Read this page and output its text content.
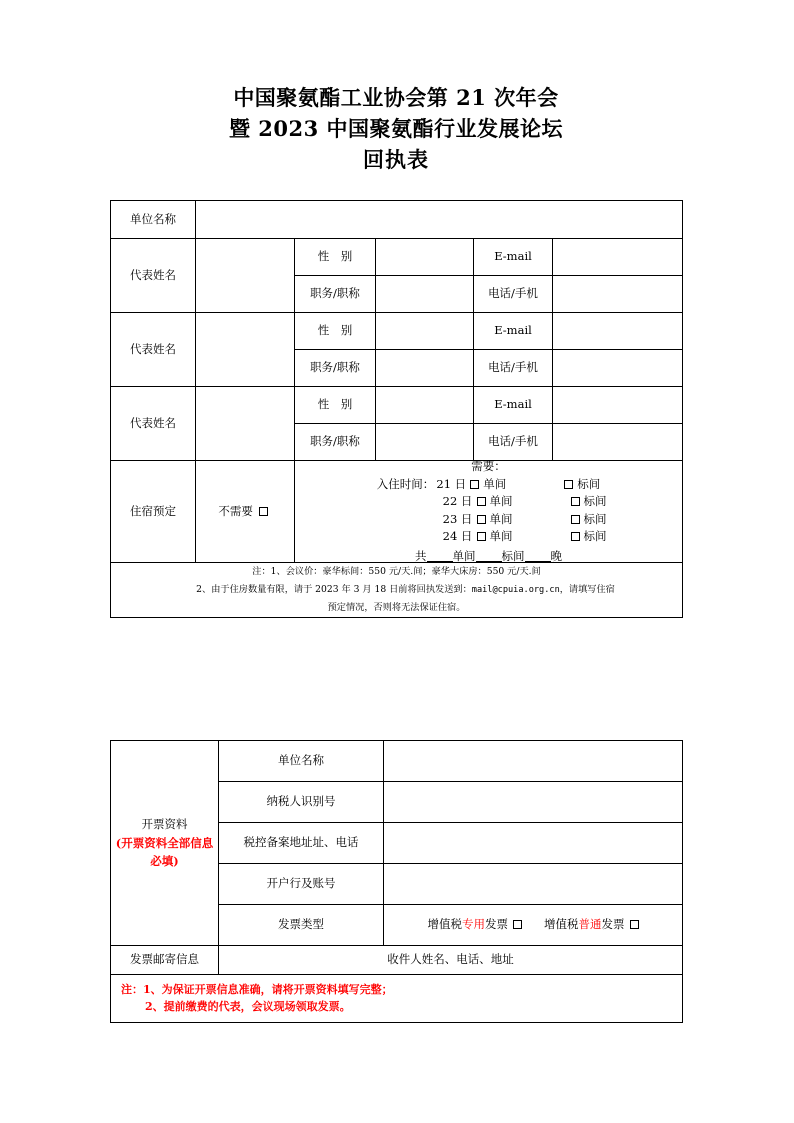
中国聚氨酯工业协会第 21 次年会
暨 2023 中国聚氨酯行业发展论坛
回执表
单位名称					
代表姓名		性　别		E-mail	
		职务/职称		电话/手机	
代表姓名		性　别		E-mail	
		职务/职称		电话/手机	
代表姓名		性　别		E-mail	
		职务/职称		电话/手机	
住宿预定	不需要	

需要：

入住时间： 21 日 单间	标间

22 日 单间	标间

23 日 单间	标间

24 日 单间	标间

共 单间 标间 晚

注：1、会议价：豪华标间：550 元/天.间；豪华大床房：550 元/天.间

2、由于住房数量有限，请于 2023 年 3 月 18 日前将回执发送到：mail@cpuia.org.cn，请填写住宿

预定情况，否则将无法保证住宿。					

开票资料
(开票资料全部信息必填)	单位名称	
	纳税人识别号	
	税控备案地址址、电话	
	开户行及账号	
	发票类型	增值税专用发票 增值税普通发票
发票邮寄信息	收件人姓名、电话、地址	

注：1、为保证开票信息准确，请将开票资料填写完整；

2、提前缴费的代表，会议现场领取发票。		
